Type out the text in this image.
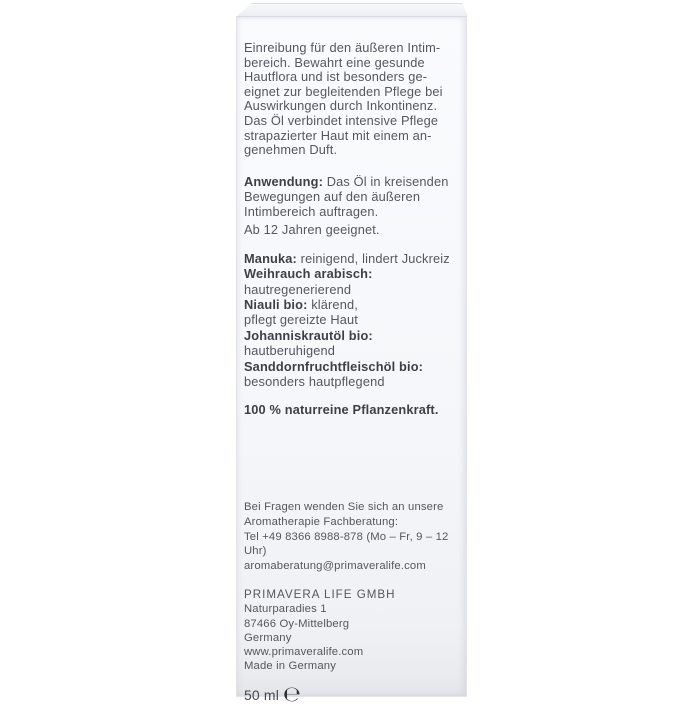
Einreibung für den äußeren Intim-
bereich. Bewahrt eine gesunde
Hautflora und ist besonders ge-
eignet zur begleitenden Pflege bei
Auswirkungen durch Inkontinenz.
Das Öl verbindet intensive Pflege
strapazierter Haut mit einem an-
genehmen Duft.
Anwendung: Das Öl in kreisenden
Bewegungen auf den äußeren
Intimbereich auftragen.
Ab 12 Jahren geeignet.
Manuka: reinigend, lindert Juckreiz
Weihrauch arabisch:
hautregenerierend
Niauli bio: klärend,
pflegt gereizte Haut
Johanniskrautöl bio:
hautberuhigend
Sanddornfruchtfleischöl bio:
besonders hautpflegend
100 % naturreine Pflanzenkraft.
Bei Fragen wenden Sie sich an unsere
Aromatherapie Fachberatung:
Tel +49 8366 8988-878 (Mo – Fr, 9 – 12 Uhr)
aromaberatung@primaveralife.com
PRIMAVERA LIFE GMBH
Naturparadies 1
87466 Oy-Mittelberg
Germany
www.primaveralife.com
Made in Germany
50 ml ℮
